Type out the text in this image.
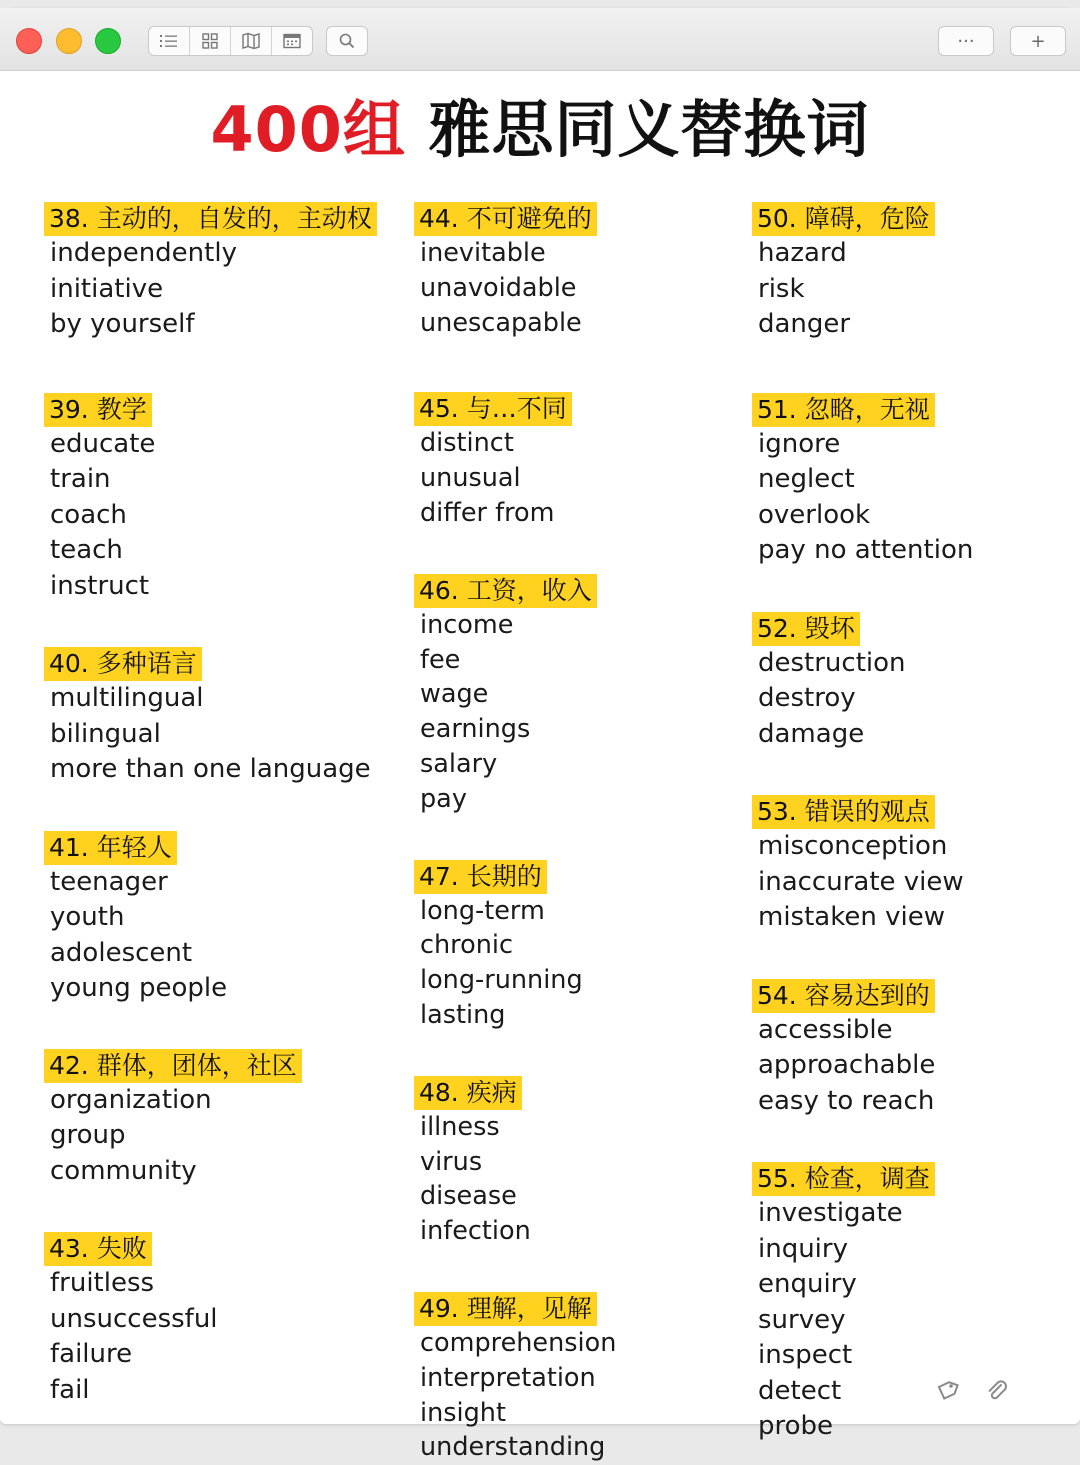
···	+
400组 雅思同义替换词
38. 主动的，自发的，主动权
independently
initiative
by yourself
39. 教学
educate
train
coach
teach
instruct
40. 多种语言
multilingual
bilingual
more than one language
41. 年轻人
teenager
youth
adolescent
young people
42. 群体，团体，社区
organization
group
community
43. 失败
fruitless
unsuccessful
failure
fail
44. 不可避免的
inevitable
unavoidable
unescapable
45. 与…不同
distinct
unusual
differ from
46. 工资，收入
income
fee
wage
earnings
salary
pay
47. 长期的
long-term
chronic
long-running
lasting
48. 疾病
illness
virus
disease
infection
49. 理解，见解
comprehension
interpretation
insight
understanding
50. 障碍，危险
hazard
risk
danger
51. 忽略，无视
ignore
neglect
overlook
pay no attention
52. 毁坏
destruction
destroy
damage
53. 错误的观点
misconception
inaccurate view
mistaken view
54. 容易达到的
accessible
approachable
easy to reach
55. 检查，调查
investigate
inquiry
enquiry
survey
inspect
detect
probe
